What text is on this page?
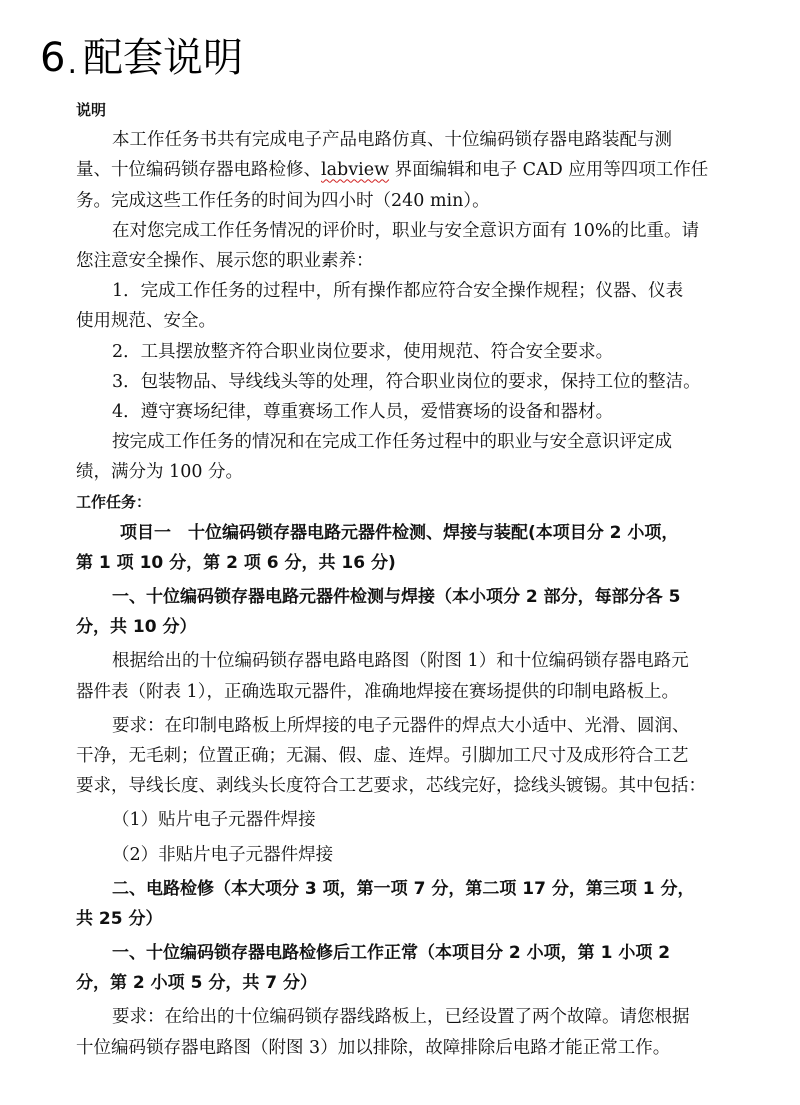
6. 配套说明
说明
本工作任务书共有完成电子产品电路仿真、十位编码锁存器电路装配与测
量、十位编码锁存器电路检修、labview 界面编辑和电子 CAD 应用等四项工作任
务。完成这些工作任务的时间为四小时（240 min）。
在对您完成工作任务情况的评价时，职业与安全意识方面有 10%的比重。请
您注意安全操作、展示您的职业素养：
1．完成工作任务的过程中，所有操作都应符合安全操作规程；仪器、仪表
使用规范、安全。
2．工具摆放整齐符合职业岗位要求，使用规范、符合安全要求。
3．包装物品、导线线头等的处理，符合职业岗位的要求，保持工位的整洁。
4．遵守赛场纪律，尊重赛场工作人员，爱惜赛场的设备和器材。
按完成工作任务的情况和在完成工作任务过程中的职业与安全意识评定成
绩，满分为 100 分。
工作任务：
项目一　十位编码锁存器电路元器件检测、焊接与装配(本项目分 2 小项，
第 1 项 10 分，第 2 项 6 分，共 16 分)
一、十位编码锁存器电路元器件检测与焊接（本小项分 2 部分，每部分各 5
分，共 10 分）
根据给出的十位编码锁存器电路电路图（附图 1）和十位编码锁存器电路元
器件表（附表 1），正确选取元器件，准确地焊接在赛场提供的印制电路板上。
要求：在印制电路板上所焊接的电子元器件的焊点大小适中、光滑、圆润、
干净，无毛刺；位置正确；无漏、假、虚、连焊。引脚加工尺寸及成形符合工艺
要求，导线长度、剥线头长度符合工艺要求，芯线完好，捻线头镀锡。其中包括：
（1）贴片电子元器件焊接
（2）非贴片电子元器件焊接
二、电路检修（本大项分 3 项，第一项 7 分，第二项 17 分，第三项 1 分，
共 25 分）
一、十位编码锁存器电路检修后工作正常（本项目分 2 小项，第 1 小项 2
分，第 2 小项 5 分，共 7 分）
要求：在给出的十位编码锁存器线路板上，已经设置了两个故障。请您根据
十位编码锁存器电路图（附图 3）加以排除，故障排除后电路才能正常工作。
